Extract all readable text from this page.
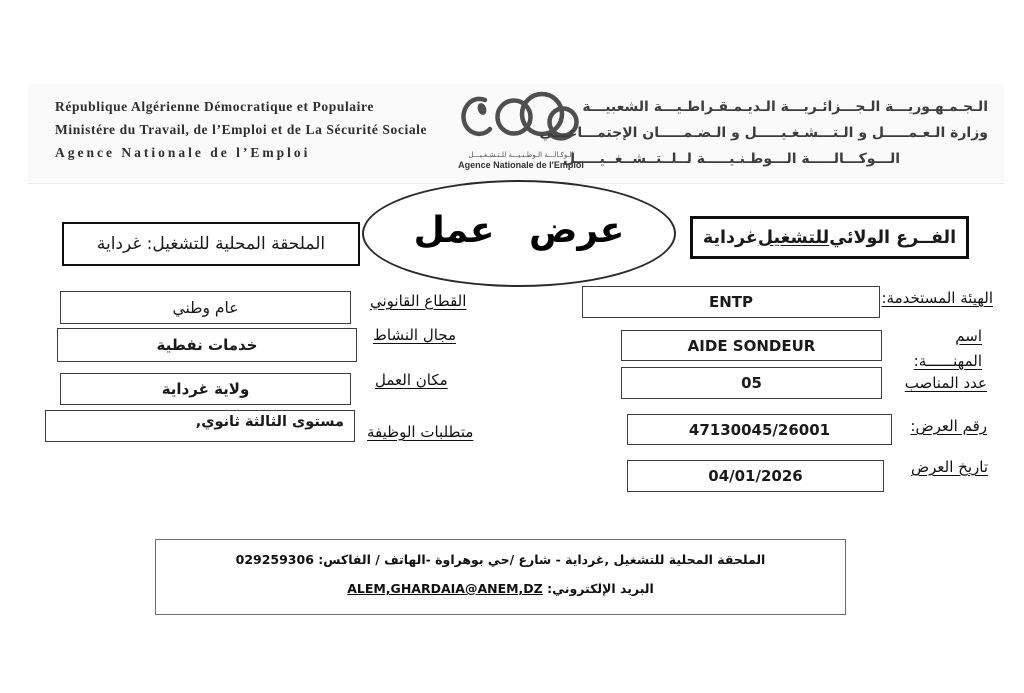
République Algérienne Démocratique et Populaire
Ministére du Travail, de l’Emploi et de La Sécurité Sociale
Agence Nationale de l’Emploi	الـوكـالـــة الـوطـنـيـــة للـتـشـغـيـــل
Agence Nationale de l'Emploi
الـجـمـهـوريـــة الـجـــزائـريـــة الـديـمـقـراطـيـــة الشعبيـــة
وزارة الـعـمـــــل و الـتـــشـغـيـــــل و الـضـمـــــان الإجتمـــاعـــي
الـــوكـــالـــــة الـــوطـنـيـــــة لــلــتــشــغــيـــــل
عرض عمل	الفــرع الولائي
للتشغيل
غرداية
الملحقة المحلية للتشغيل: غرداية
الهيئة المستخدمة:
اسم
المهنــــــة:
عدد المناصب
رقم العرض:
تاريخ العرض
ENTP
AIDE SONDEUR
05
47130045/26001
04/01/2026
القطاع القانوني
مجال النشاط
مكان العمل
متطلبات الوظيفة
عام وطني
خدمات نفطية
ولاية غرداية
مستوى الثالثة ثانوي,
الملحقة المحلية للتشغيل ,غرداية - شارع /حي بوهراوة -الهاتف / الفاكس: 029259306
البريد الإلكتروني: ALEM,GHARDAIA@ANEM,DZ
